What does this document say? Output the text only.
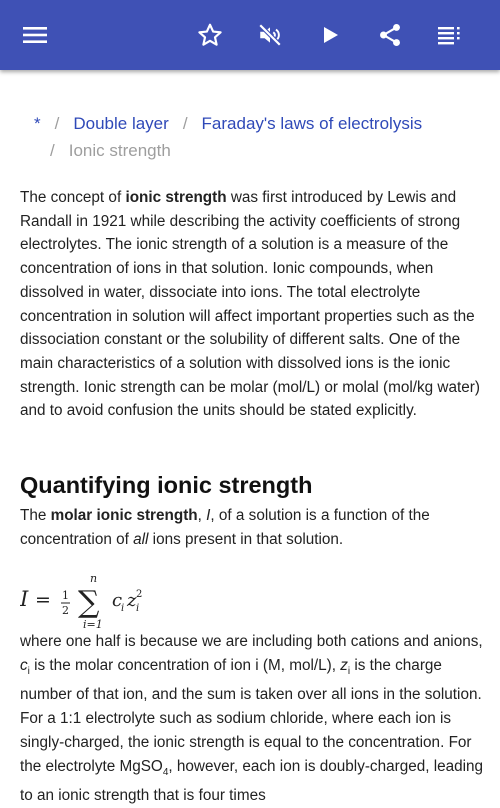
* / Double layer / Faraday's laws of electrolysis
/ Ionic strength

The concept of ionic strength was first introduced by Lewis and Randall in 1921 while describing the activity coefficients of strong electrolytes. The ionic strength of a solution is a measure of the concentration of ions in that solution. Ionic compounds, when dissolved in water, dissociate into ions. The total electrolyte concentration in solution will affect important properties such as the dissociation constant or the solubility of different salts. One of the main characteristics of a solution with dissolved ions is the ionic strength. Ionic strength can be molar (mol/L) or molal (mol/kg water) and to avoid confusion the units should be stated explicitly.

Quantifying ionic strength

The molar ionic strength, I, of a solution is a function of the concentration of all ions present in that solution.

I = 1
2
n
∑
i=1
c
i z i
2

where one half is because we are including both cations and anions, $c_i$ is the molar concentration of ion i (M, mol/L), $z_i$ is the charge number of that ion, and the sum is taken over all ions in the solution. For a 1:1 electrolyte such as sodium chloride, where each ion is singly-charged, the ionic strength is equal to the concentration. For the electrolyte MgSO$_4$, however, each ion is doubly-charged, leading to an ionic strength that is four times
